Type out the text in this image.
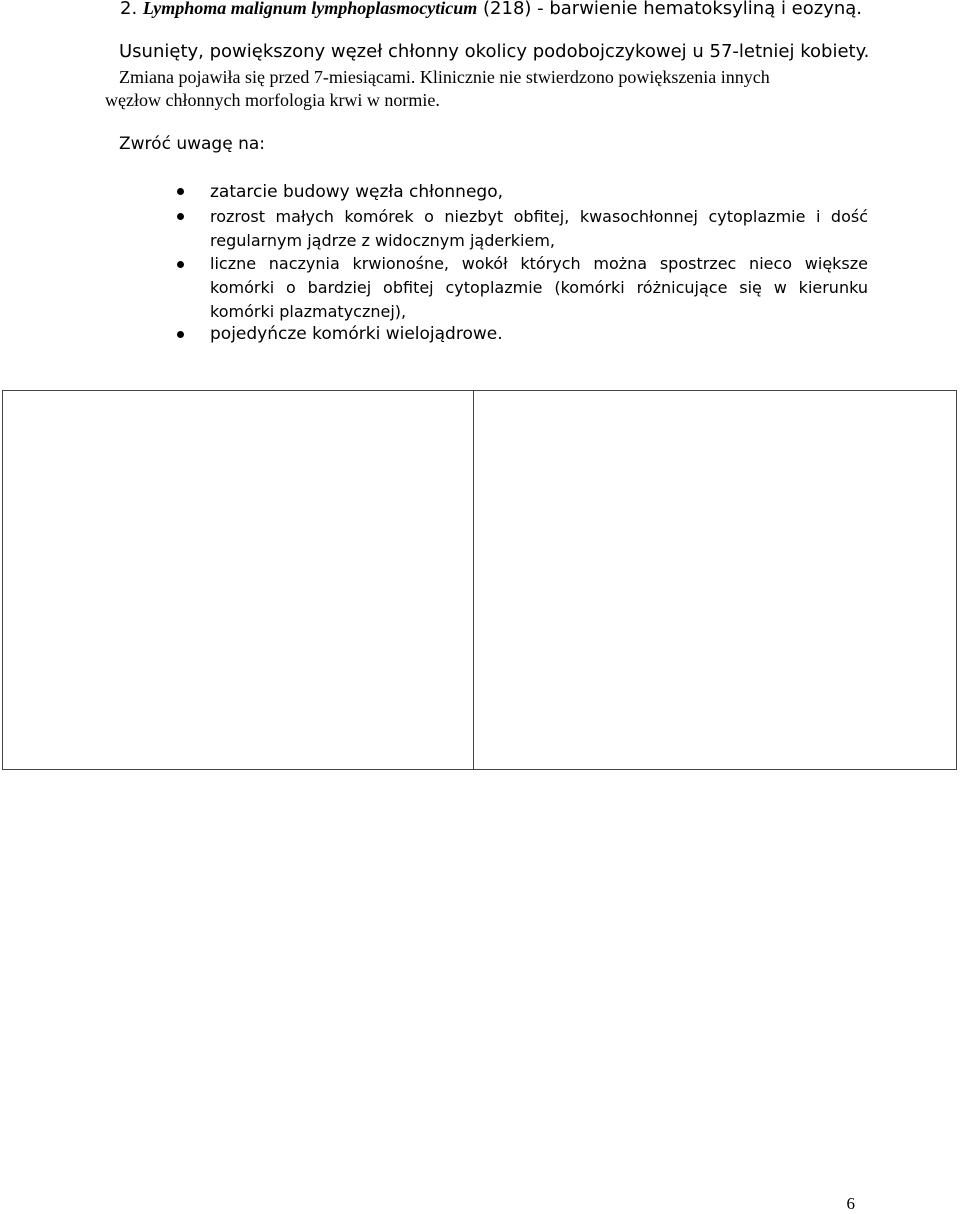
2. Lymphoma malignum lymphoplasmocyticum (218) - barwienie hematoksyliną i eozyną.

Usunięty, powiększony węzeł chłonny okolicy podobojczykowej u 57-letniej kobiety.

Zmiana pojawiła się przed 7-miesiącami. Klinicznie nie stwierdzono powiększenia innych

węzłow chłonnych morfologia krwi w normie.

Zwróć uwagę na:

zatarcie budowy węzła chłonnego,

rozrost małych komórek o niezbyt obfitej, kwasochłonnej cytoplazmie i dość regularnym jądrze z widocznym jąderkiem,

liczne naczynia krwionośne, wokół których można spostrzec nieco większe komórki o bardziej obfitej cytoplazmie (komórki różnicujące się w kierunku komórki plazmatycznej),

pojedyńcze komórki wielojądrowe.

6
